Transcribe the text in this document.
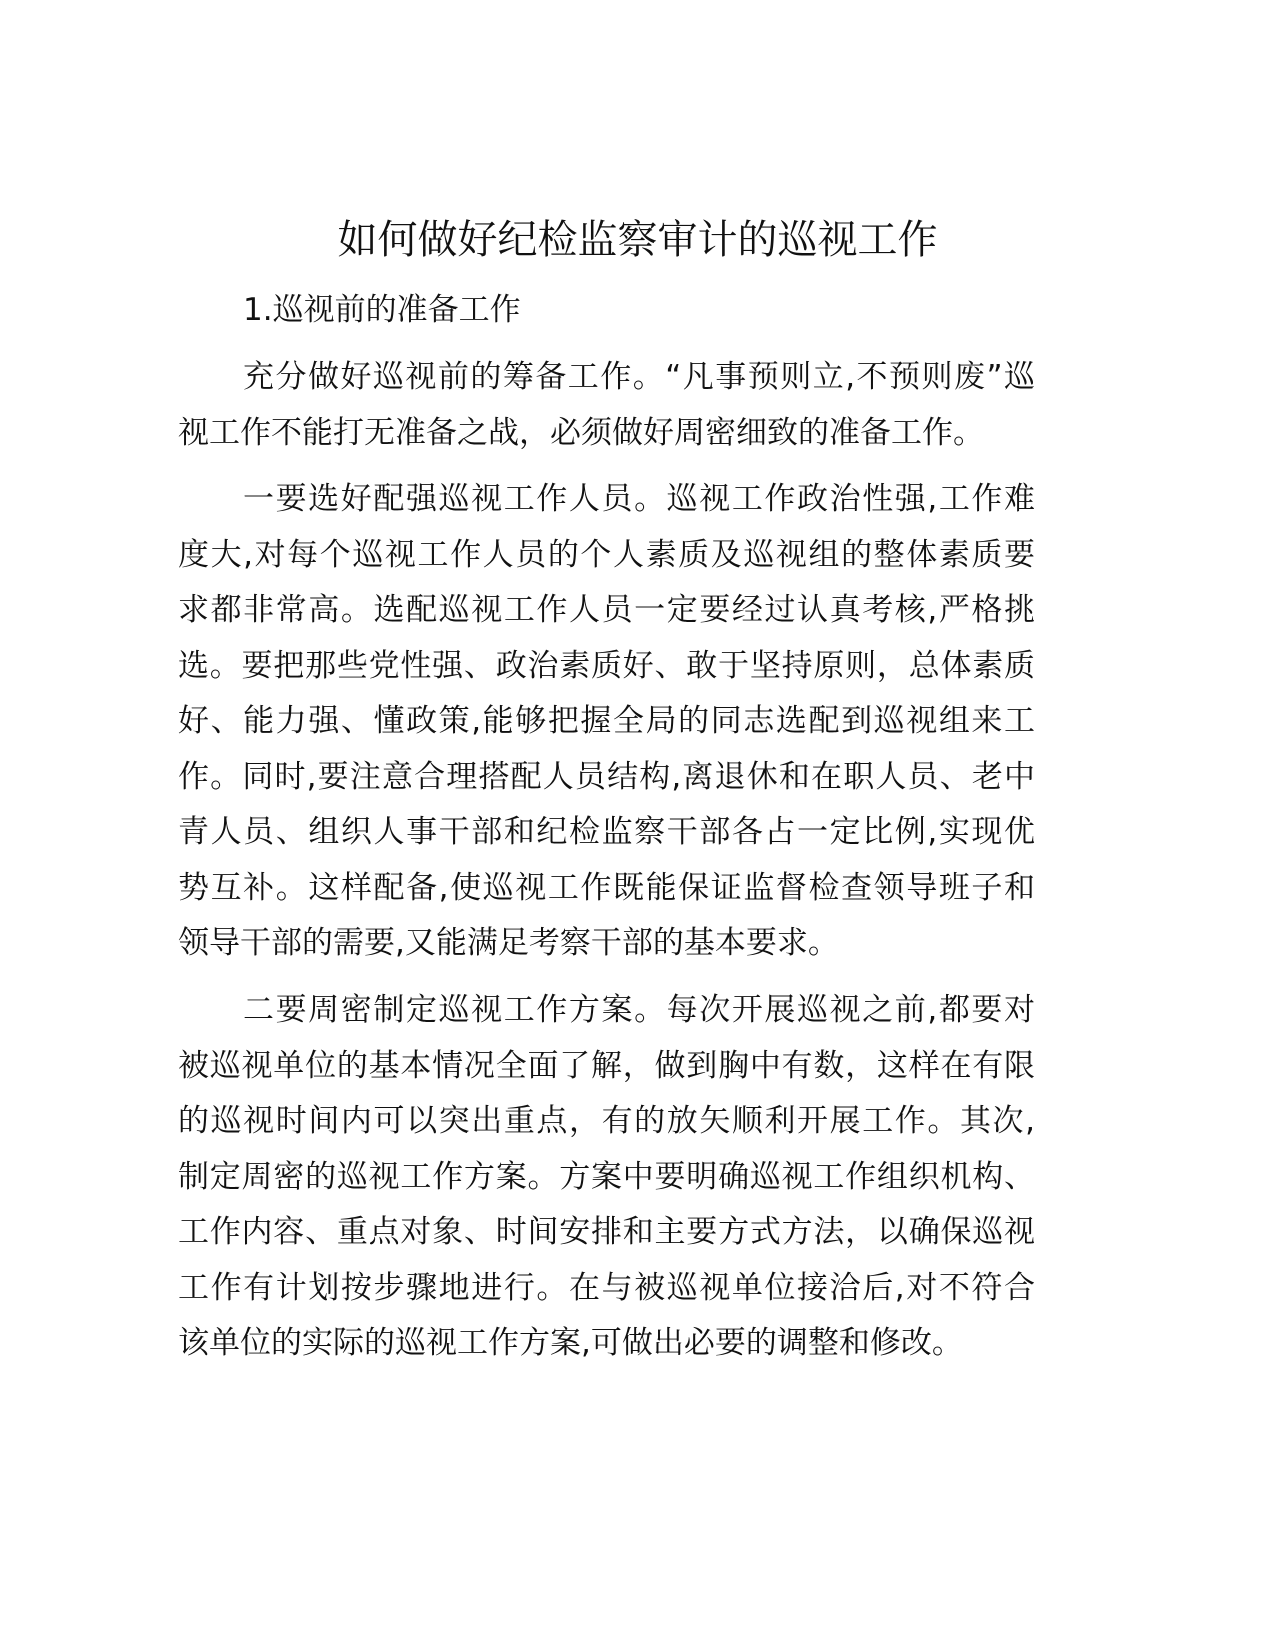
如何做好纪检监察审计的巡视工作
1.巡视前的准备工作
充分做好巡视前的筹备工作。“凡事预则立,不预则废”巡
视工作不能打无准备之战，必须做好周密细致的准备工作。
一要选好配强巡视工作人员。巡视工作政治性强,工作难
度大,对每个巡视工作人员的个人素质及巡视组的整体素质要
求都非常高。选配巡视工作人员一定要经过认真考核,严格挑
选。要把那些党性强、政治素质好、敢于坚持原则，总体素质
好、能力强、懂政策,能够把握全局的同志选配到巡视组来工
作。同时,要注意合理搭配人员结构,离退休和在职人员、老中
青人员、组织人事干部和纪检监察干部各占一定比例,实现优
势互补。这样配备,使巡视工作既能保证监督检查领导班子和
领导干部的需要,又能满足考察干部的基本要求。
二要周密制定巡视工作方案。每次开展巡视之前,都要对
被巡视单位的基本情况全面了解，做到胸中有数，这样在有限
的巡视时间内可以突出重点，有的放矢顺利开展工作。其次,
制定周密的巡视工作方案。方案中要明确巡视工作组织机构、
工作内容、重点对象、时间安排和主要方式方法，以确保巡视
工作有计划按步骤地进行。在与被巡视单位接洽后,对不符合
该单位的实际的巡视工作方案,可做出必要的调整和修改。
